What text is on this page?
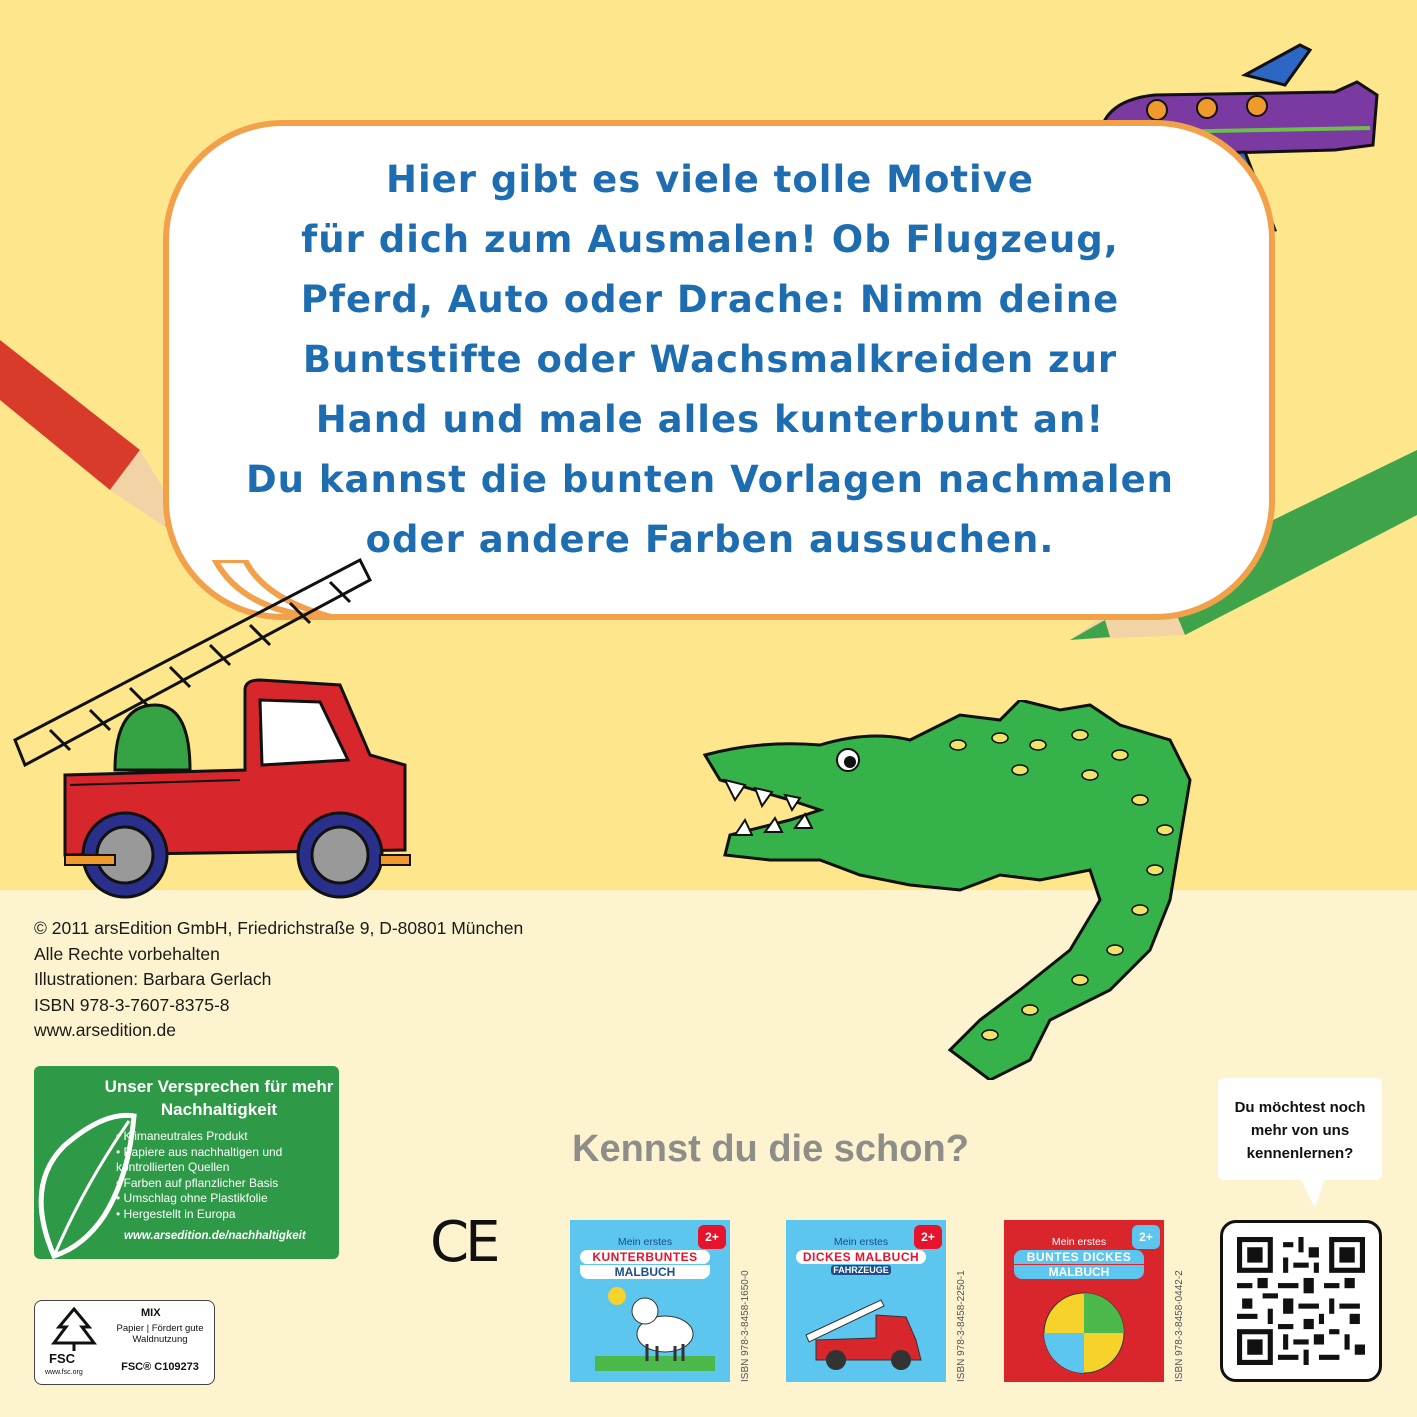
Hier gibt es viele tolle Motive
für dich zum Ausmalen! Ob Flugzeug,
Pferd, Auto oder Drache: Nimm deine
Buntstifte oder Wachsmalkreiden zur
Hand und male alles kunterbunt an!
Du kannst die bunten Vorlagen nachmalen
oder andere Farben aussuchen.
© 2011 arsEdition GmbH, Friedrichstraße 9, D-80801 München
Alle Rechte vorbehalten
Illustrationen: Barbara Gerlach
ISBN 978-3-7607-8375-8
www.arsedition.de
Unser Versprechen für mehr Nachhaltigkeit
• Klimaneutrales Produkt
• Papiere aus nachhaltigen und kontrollierten Quellen
• Farben auf pflanzlicher Basis
• Umschlag ohne Plastikfolie
• Hergestellt in Europa
www.arsedition.de/nachhaltigkeit
FSC
www.fsc.org
MIX
Papier | Fördert gute Waldnutzung
FSC® C109273
CE
Kennst du die schon?
2+
Mein erstes
KUNTERBUNTES
MALBUCH	ISBN 978-3-8458-1650-0
2+
Mein erstes
DICKES MALBUCH
FAHRZEUGE
ISBN 978-3-8458-2250-1
2+
Mein erstes
BUNTES DICKES
MALBUCH	ISBN 978-3-8458-0442-2
Du möchtest noch mehr von uns kennenlernen?
